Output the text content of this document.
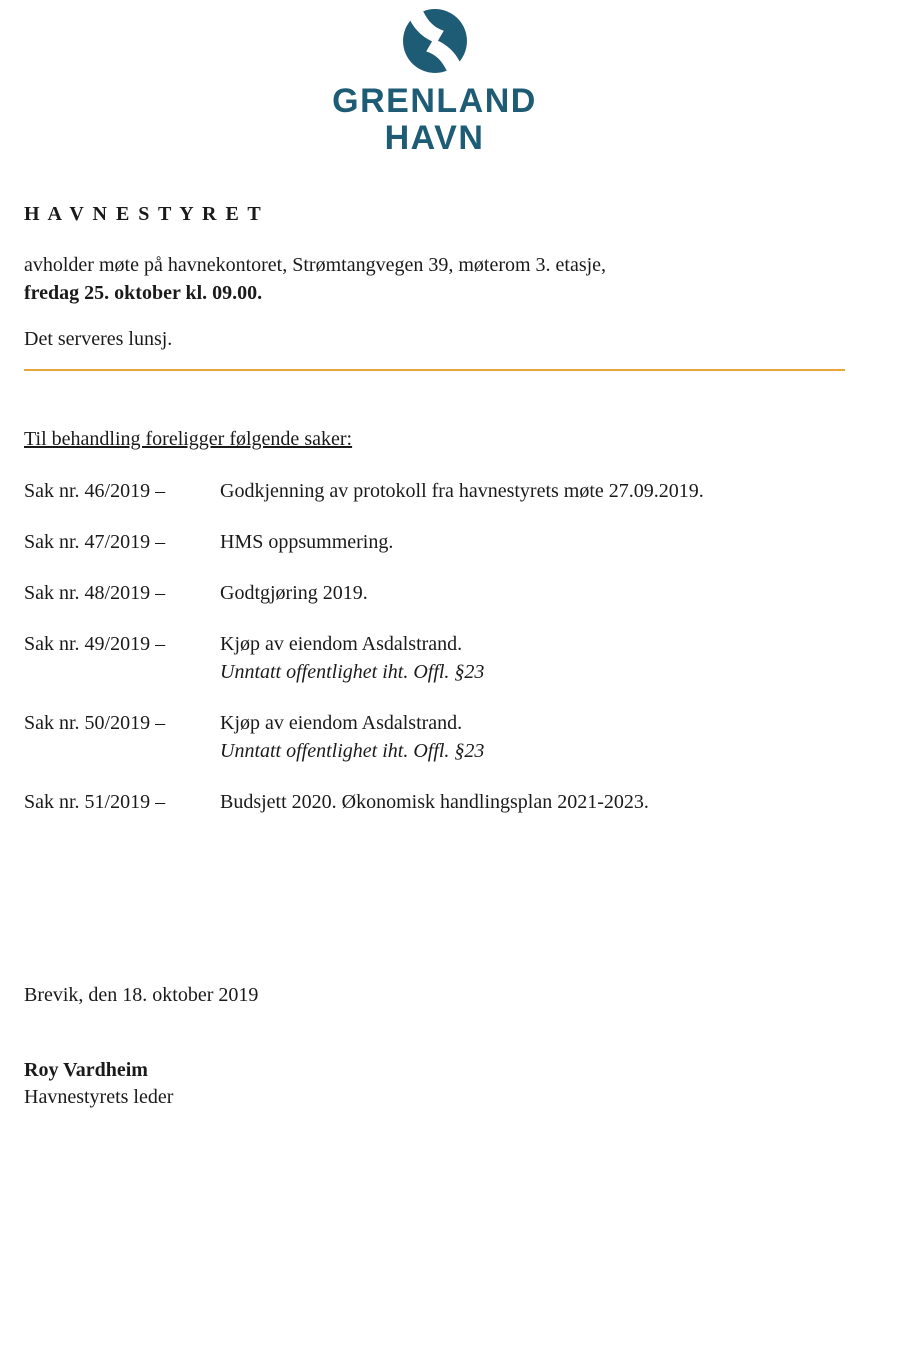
GRENLAND
HAVN
H A V N E S T Y R E T
avholder møte på havnekontoret, Strømtangvegen 39, møterom 3. etasje,
fredag 25. oktober kl. 09.00.
Det serveres lunsj.
Til behandling foreligger følgende saker:
Sak nr. 46/2019 –	Godkjenning av protokoll fra havnestyrets møte 27.09.2019.
Sak nr. 47/2019 –	HMS oppsummering.
Sak nr. 48/2019 –	Godtgjøring 2019.
Sak nr. 49/2019 –	Kjøp av eiendom Asdalstrand.
Unntatt offentlighet iht. Offl. §23
Sak nr. 50/2019 –	Kjøp av eiendom Asdalstrand.
Unntatt offentlighet iht. Offl. §23
Sak nr. 51/2019 –	Budsjett 2020. Økonomisk handlingsplan 2021-2023.
Brevik, den 18. oktober 2019
Roy Vardheim
Havnestyrets leder
